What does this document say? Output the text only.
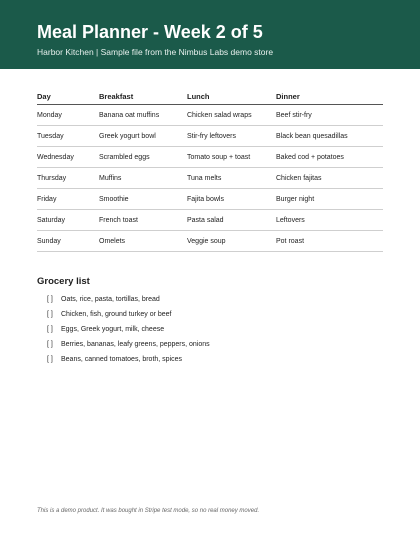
Meal Planner - Week 2 of 5
Harbor Kitchen | Sample file from the Nimbus Labs demo store
Day	Breakfast	Lunch	Dinner
Monday	Banana oat muffins	Chicken salad wraps	Beef stir-fry
Tuesday	Greek yogurt bowl	Stir-fry leftovers	Black bean quesadillas
Wednesday	Scrambled eggs	Tomato soup + toast	Baked cod + potatoes
Thursday	Muffins	Tuna melts	Chicken fajitas
Friday	Smoothie	Fajita bowls	Burger night
Saturday	French toast	Pasta salad	Leftovers
Sunday	Omelets	Veggie soup	Pot roast
Grocery list
[ ]	Oats, rice, pasta, tortillas, bread
[ ]	Chicken, fish, ground turkey or beef
[ ]	Eggs, Greek yogurt, milk, cheese
[ ]	Berries, bananas, leafy greens, peppers, onions
[ ]	Beans, canned tomatoes, broth, spices
This is a demo product. It was bought in Stripe test mode, so no real money moved.
